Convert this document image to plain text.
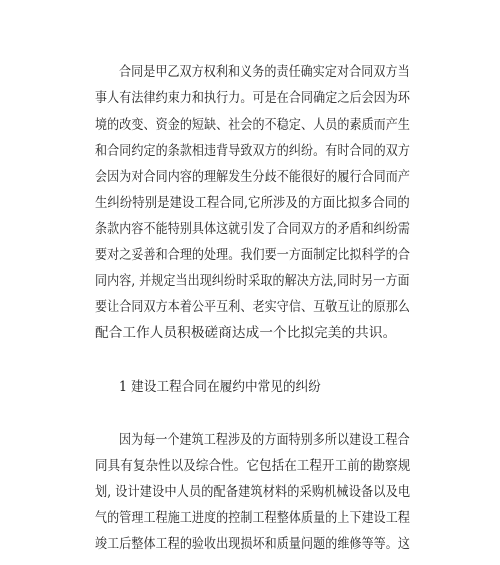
合同是甲乙双方权利和义务的责任确实定对合同双方当
事人有法律约束力和执行力。可是在合同确定之后会因为环
境的改变、资金的短缺、社会的不稳定、人员的素质而产生
和合同约定的条款相违背导致双方的纠纷。有时合同的双方
会因为对合同内容的理解发生分歧不能很好的履行合同而产
生纠纷特别是建设工程合同,它所涉及的方面比拟多合同的
条款内容不能特别具体这就引发了合同双方的矛盾和纠纷需
要对之妥善和合理的处理。我们要一方面制定比拟科学的合
同内容, 并规定当出现纠纷时采取的解决方法,同时另一方面
要让合同双方本着公平互利、老实守信、互敬互让的原那么
配合工作人员积极磋商达成一个比拟完美的共识。
1 建设工程合同在履约中常见的纠纷
因为每一个建筑工程涉及的方面特别多所以建设工程合
同具有复杂性以及综合性。它包括在工程开工前的勘察规
划, 设计建设中人员的配备建筑材料的采购机械设备以及电
气的管理工程施工进度的控制工程整体质量的上下建设工程
竣工后整体工程的验收出现损坏和质量问题的维修等等。这
